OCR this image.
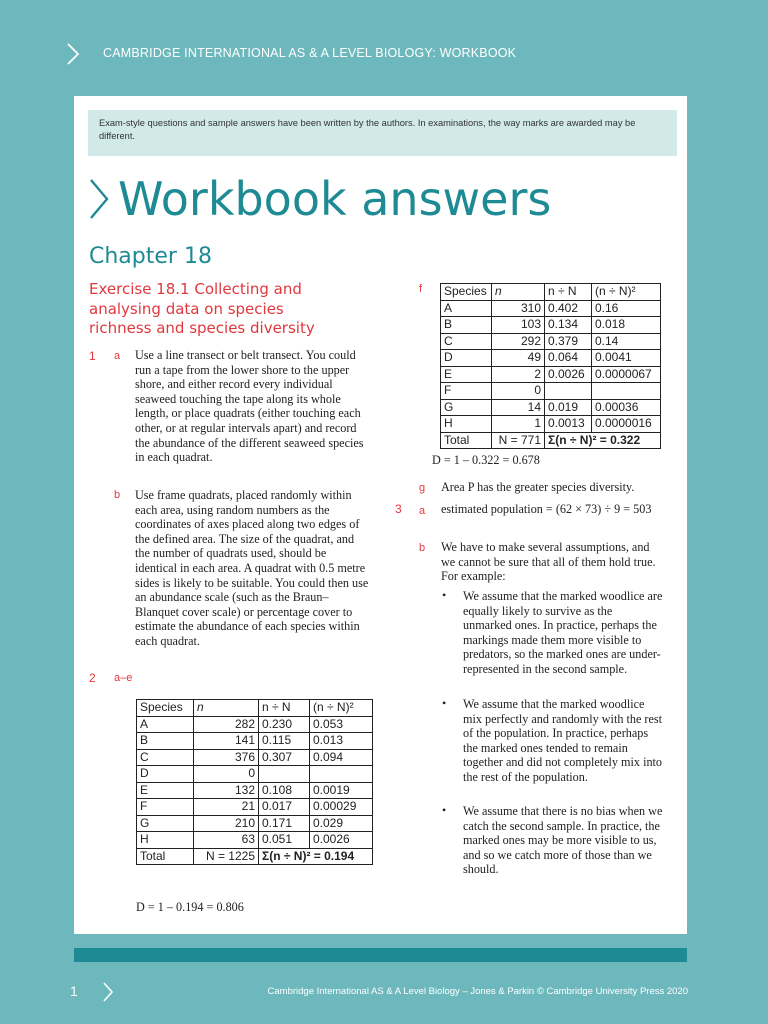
CAMBRIDGE INTERNATIONAL AS & A LEVEL BIOLOGY: WORKBOOK
Exam-style questions and sample answers have been written by the authors. In examinations, the way marks are awarded may be different.
Workbook answers
Chapter 18
Exercise 18.1 Collecting and analysing data on species richness and species diversity
1 a Use a line transect or belt transect. You could run a tape from the lower shore to the upper shore, and either record every individual seaweed touching the tape along its whole length, or place quadrats (either touching each other, or at regular intervals apart) and record the abundance of the different seaweed species in each quadrat.
b Use frame quadrats, placed randomly within each area, using random numbers as the coordinates of axes placed along two edges of the defined area. The size of the quadrat, and the number of quadrats used, should be identical in each area. A quadrat with 0.5 metre sides is likely to be suitable. You could then use an abundance scale (such as the Braun–Blanquet cover scale) or percentage cover to estimate the abundance of each species within each quadrat.
2 a–e
Species	n	n ÷ N	(n ÷ N)²
A	282	0.230	0.053
B	141	0.115	0.013
C	376	0.307	0.094
D	0		
E	132	0.108	0.0019
F	21	0.017	0.00029
G	210	0.171	0.029
H	63	0.051	0.0026
Total	N = 1225	Σ(n ÷ N)² = 0.194	
D = 1 – 0.194 = 0.806
f Species	n	n ÷ N	(n ÷ N)²
A	310	0.402	0.16
B	103	0.134	0.018
C	292	0.379	0.14
D	49	0.064	0.0041
E	2	0.0026	0.0000067
F	0		
G	14	0.019	0.00036
H	1	0.0013	0.0000016
Total	N = 771	Σ(n ÷ N)² = 0.322	
D = 1 – 0.322 = 0.678
g Area P has the greater species diversity.
3 a estimated population = (62 × 73) ÷ 9 = 503
b We have to make several assumptions, and we cannot be sure that all of them hold true. For example:
• We assume that the marked woodlice are equally likely to survive as the unmarked ones. In practice, perhaps the markings made them more visible to predators, so the marked ones are under-represented in the second sample.
• We assume that the marked woodlice mix perfectly and randomly with the rest of the population. In practice, perhaps the marked ones tended to remain together and did not completely mix into the rest of the population.
• We assume that there is no bias when we catch the second sample. In practice, the marked ones may be more visible to us, and so we catch more of those than we should.
1	Cambridge International AS & A Level Biology – Jones & Parkin © Cambridge University Press 2020
